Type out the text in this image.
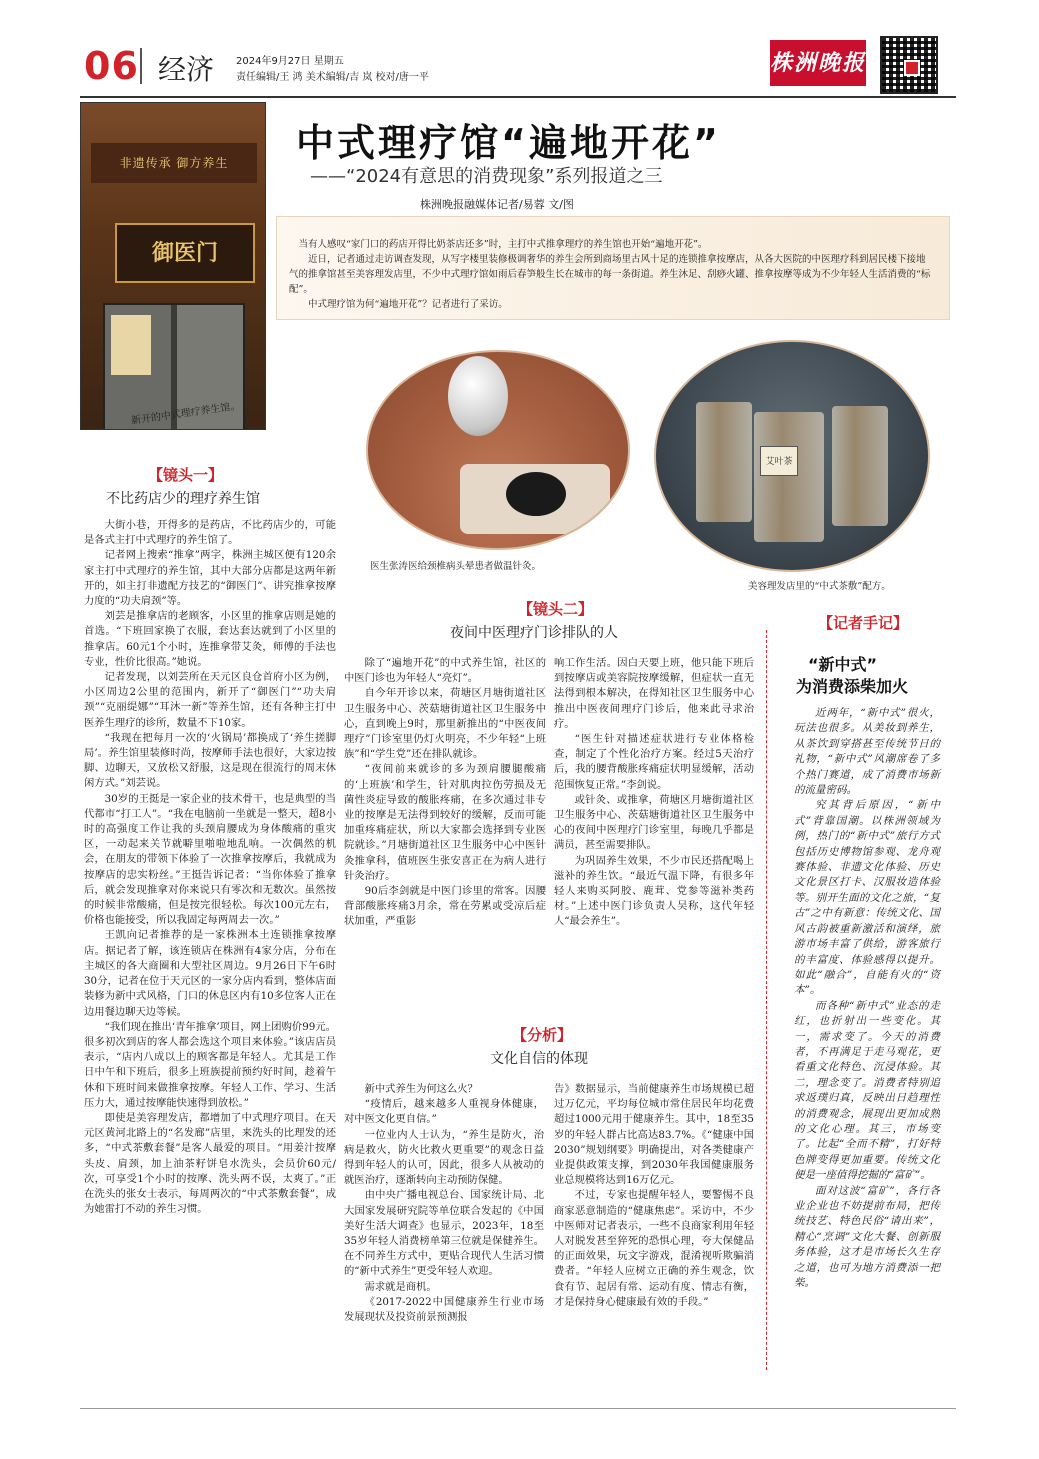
06 经济 2024年9月27日 星期五
责任编辑/王 鸿 美术编辑/吉 岚 校对/唐一平
株洲晚报
非遗传承 御方养生
御医门
新开的中式理疗养生馆。
中式理疗馆“遍地开花”
——“2024有意思的消费现象”系列报道之三
株洲晚报融媒体记者/易蓉 文/图

当有人感叹“家门口的药店开得比奶茶店还多”时，主打中式推拿理疗的养生馆也开始“遍地开花”。

近日，记者通过走访调查发现，从写字楼里装修极调奢华的养生会所到商场里古风十足的连锁推拿按摩店，从各大医院的中医理疗科到居民楼下接地气的推拿馆甚至美容理发店里，不少中式理疗馆如雨后春笋般生长在城市的每一条街道。养生沐足、刮痧火罐、推拿按摩等成为不少年轻人生活消费的“标配”。

中式理疗馆为何“遍地开花”？记者进行了采访。

医生张涛医给颈椎病头晕患者做温针灸。
艾叶茶
美容理发店里的“中式茶敷”配方。
【镜头一】
不比药店少的理疗养生馆

大街小巷，开得多的是药店，不比药店少的，可能是各式主打中式理疗的养生馆了。

记者网上搜索“推拿”两字，株洲主城区便有120余家主打中式理疗的养生馆，其中大部分店都是这两年新开的，如主打非遗配方技艺的“御医门”、讲究推拿按摩力度的“功夫肩颈”等。

刘芸是推拿店的老顾客，小区里的推拿店则是她的首选。“下班回家换了衣服，套达套达就到了小区里的推拿店。60元1个小时，连推拿带艾灸，师傅的手法也专业，性价比很高。”她说。

记者发现，以刘芸所在天元区良仓首府小区为例，小区周边2公里的范围内，新开了“御医门”“功夫肩颈”“克丽缇娜”“耳沐一新”等养生馆，还有各种主打中医养生理疗的诊所，数量不下10家。

“我现在把每月一次的‘火锅局’都换成了‘养生搓脚局’。养生馆里装修时尚，按摩师手法也很好，大家边按脚、边聊天，又放松又舒服，这是现在很流行的周末休闲方式。”刘芸说。

30岁的王挺是一家企业的技术骨干，也是典型的当代都市“打工人”。“我在电脑前一坐就是一整天，超8小时的高强度工作让我的头颈肩腰成为身体酸痛的重灾区，一动起来关节就噼里啪啦地乱响。一次偶然的机会，在朋友的带领下体验了一次推拿按摩后，我就成为按摩店的忠实粉丝。”王挺告诉记者：“当你体验了推拿后，就会发现推拿对你来说只有零次和无数次。虽然按的时候非常酸痛，但是按完很轻松。每次100元左右，价格也能接受，所以我固定每两周去一次。”

王凯向记者推荐的是一家株洲本土连锁推拿按摩店。据记者了解，该连锁店在株洲有4家分店，分布在主城区的各大商圈和大型社区周边。9月26日下午6时30分，记者在位于天元区的一家分店内看到，整体店面装修为新中式风格，门口的休息区内有10多位客人正在边用餐边聊天边等候。

“我们现在推出‘青年推拿’项目，网上团购价99元。很多初次到店的客人都会选这个项目来体验。”该店店员表示，“店内八成以上的顾客都是年轻人。尤其是工作日中午和下班后，很多上班族提前预约好时间，趁着午休和下班时间来做推拿按摩。年轻人工作、学习、生活压力大，通过按摩能快速得到放松。”

即使是美容理发店，都增加了中式理疗项目。在天元区黄河北路上的“名发廊”店里，来洗头的比理发的还多，“中式茶敷套餐”是客人最爱的项目。“用姜汁按摩头皮、肩颈，加上油茶籽饼皂水洗头，会员价60元/次，可享受1个小时的按摩、洗头两不误，太爽了。”正在洗头的张女士表示，每周两次的“中式茶敷套餐”，成为她雷打不动的养生习惯。

【镜头二】
夜间中医理疗门诊排队的人

除了“遍地开花”的中式养生馆，社区的中医门诊也为年轻人“亮灯”。

自今年开诊以来，荷塘区月塘街道社区卫生服务中心、茨菇塘街道社区卫生服务中心，直到晚上9时，那里新推出的“中医夜间理疗”门诊室里仍灯火明亮，不少年轻“上班族”和“学生党”还在排队就诊。

“夜间前来就诊的多为颈肩腰腿酸痛的‘上班族’和学生，针对肌肉拉伤劳损及无菌性炎症导致的酸胀疼痛，在多次通过非专业的按摩是无法得到较好的缓解，反而可能加重疼痛症状，所以大家都会选择到专业医院就诊。”月塘街道社区卫生服务中心中医针灸推拿科，值班医生张安喜正在为病人进行针灸治疗。

90后李剑就是中医门诊里的常客。因腰背部酸胀疼痛3月余，常在劳累或受凉后症状加重，严重影

响工作生活。因白天要上班，他只能下班后到按摩店或美容院按摩缓解，但症状一直无法得到根本解决，在得知社区卫生服务中心推出中医夜间理疗门诊后，他来此寻求治疗。

“医生针对描述症状进行专业体格检查，制定了个性化治疗方案。经过5天治疗后，我的腰背酸胀疼痛症状明显缓解，活动范围恢复正常。”李剑说。

或针灸、或推拿，荷塘区月塘街道社区卫生服务中心、茨菇塘街道社区卫生服务中心的夜间中医理疗门诊室里，每晚几乎都是满员，甚至需要排队。

为巩固养生效果，不少市民还搭配喝上滋补的养生饮。“最近气温下降，有很多年轻人来购买阿胶、鹿茸、党参等滋补类药材。”上述中医门诊负责人吴称，这代年轻人“最会养生”。

【分析】
文化自信的体现

新中式养生为何这么火？

“疫情后，越来越多人重视身体健康，对中医文化更自信。”

一位业内人士认为，“养生是防火，治病是救火，防火比救火更重要”的观念日益得到年轻人的认可，因此，很多人从被动的就医治疗，逐渐转向主动预防保健。

由中央广播电视总台、国家统计局、北大国家发展研究院等单位联合发起的《中国美好生活大调查》也显示，2023年，18至35岁年轻人消费榜单第三位就是保健养生。在不同养生方式中，更贴合现代人生活习惯的“新中式养生”更受年轻人欢迎。

需求就是商机。

《2017-2022中国健康养生行业市场发展现状及投资前景预测报

告》数据显示，当前健康养生市场规模已超过万亿元，平均每位城市常住居民年均花费超过1000元用于健康养生。其中，18至35岁的年轻人群占比高达83.7%。《“健康中国2030”规划纲要》明确提出，对各类健康产业提供政策支撑，到2030年我国健康服务业总规模将达到16万亿元。

不过，专家也提醒年轻人，要警惕不良商家恶意制造的“健康焦虑”。采访中，不少中医师对记者表示，一些不良商家利用年轻人对脱发甚至猝死的恐惧心理，夸大保健品的正面效果，玩文字游戏，混淆视听欺骗消费者。“年轻人应树立正确的养生观念，饮食有节、起居有常、运动有度、情志有衡，才是保持身心健康最有效的手段。”

【记者手记】
“新中式”
为消费添柴加火

近两年，“新中式”很火，玩法也很多。从美妆到养生，从茶饮到穿搭甚至传统节日的礼物，“新中式”风潮席卷了多个热门赛道，成了消费市场新的流量密码。

究其背后原因，“新中式”背靠国潮。以株洲领域为例，热门的“新中式”旅行方式包括历史博物馆参观、龙舟观赛体验、非遗文化体验、历史文化景区打卡、汉服妆造体验等。别开生面的文化之旅，“复古”之中有新意：传统文化、国风古韵被重新激活和演绎，旅游市场丰富了供给，游客旅行的丰富度、体验感得以提升。如此“融合”，自能有火的“资本”。

而各种“新中式”业态的走红，也折射出一些变化。其一，需求变了。今天的消费者，不再满足于走马观花，更看重文化特色、沉浸体验。其二，理念变了。消费者特别追求返璞归真，反映出日趋理性的消费观念，展现出更加成熟的文化心理。其三，市场变了。比起“全而不精”，打好特色牌变得更加重要。传统文化便是一座值得挖掘的“富矿”。

面对这波“富矿”，各行各业企业也不妨提前布局，把传统技艺、特色民俗“请出来”，精心“烹调”文化大餐、创新服务体验，这才是市场长久生存之道，也可为地方消费添一把柴。
